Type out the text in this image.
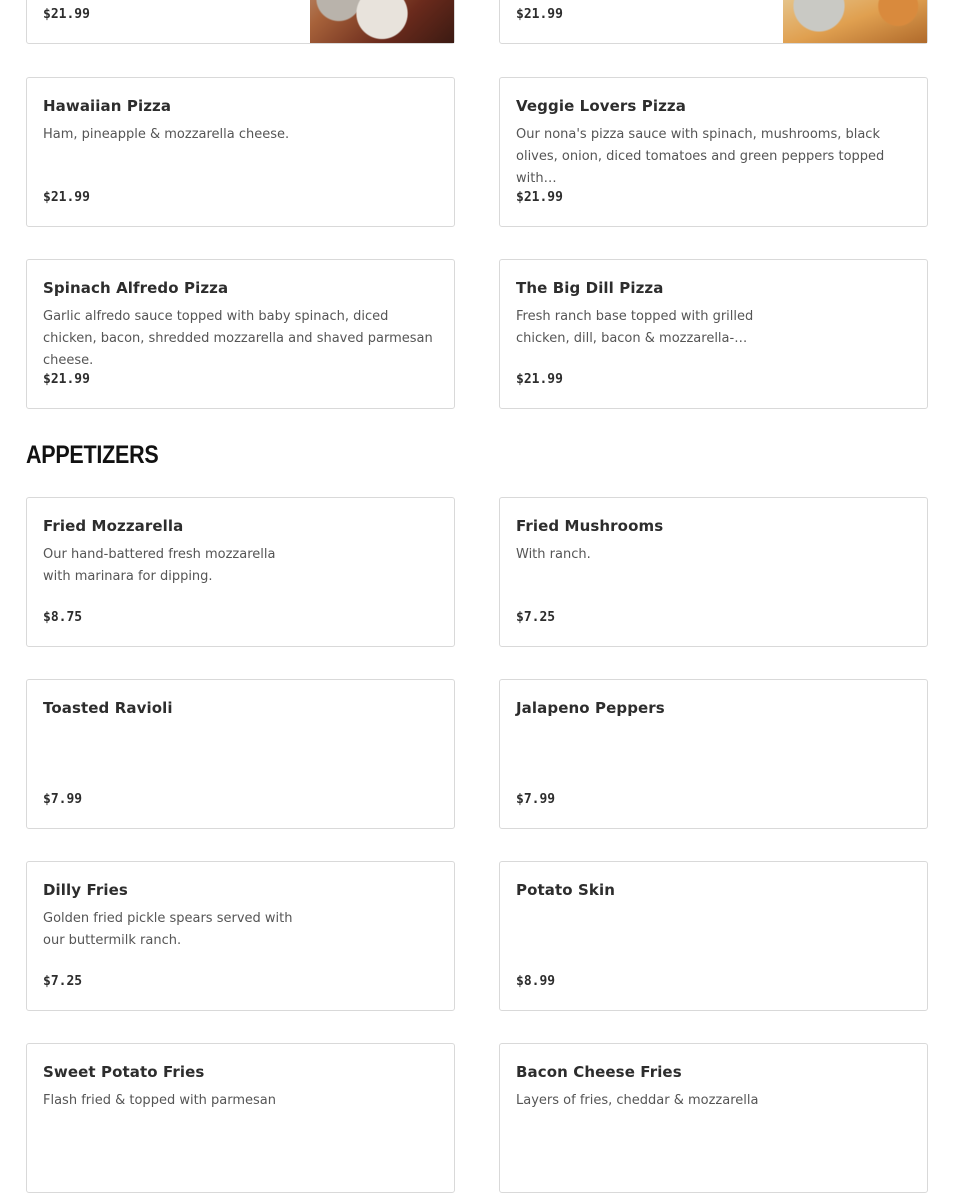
$21.99	$21.99
Hawaiian Pizza
Ham, pineapple & mozzarella cheese.
$21.99
Veggie Lovers Pizza
Our nona's pizza sauce with spinach, mushrooms, black olives, onion, diced tomatoes and green peppers topped with…
$21.99
Spinach Alfredo Pizza
Garlic alfredo sauce topped with baby spinach, diced chicken, bacon, shredded mozzarella and shaved parmesan cheese.
$21.99
The Big Dill Pizza
Fresh ranch base topped with grilled chicken, dill, bacon & mozzarella-…
$21.99
APPETIZERS
Fried Mozzarella
Our hand-battered fresh mozzarella with marinara for dipping.
$8.75
Fried Mushrooms
With ranch.
$7.25
Toasted Ravioli
$7.99
Jalapeno Peppers
$7.99
Dilly Fries
Golden fried pickle spears served with our buttermilk ranch.
$7.25
Potato Skin
$8.99
Sweet Potato Fries
Flash fried & topped with parmesan
Bacon Cheese Fries
Layers of fries, cheddar & mozzarella
